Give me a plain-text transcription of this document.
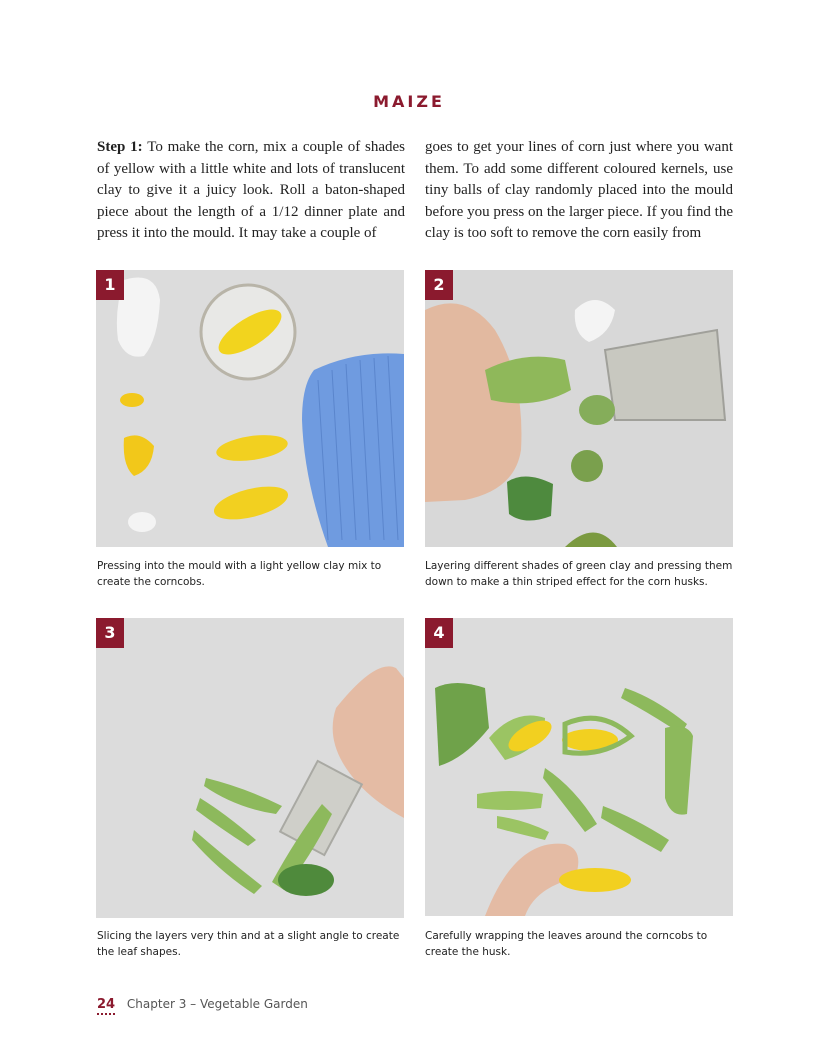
MAIZE
Step 1: To make the corn, mix a couple of shades of yellow with a little white and lots of translucent clay to give it a juicy look. Roll a baton-shaped piece about the length of a 1/12 dinner plate and press it into the mould. It may take a couple of
goes to get your lines of corn just where you want them. To add some different coloured kernels, use tiny balls of clay randomly placed into the mould before you press on the larger piece. If you find the clay is too soft to remove the corn easily from
1
Pressing into the mould with a light yellow clay mix to create the corncobs.
2
Layering different shades of green clay and pressing them down to make a thin striped effect for the corn husks.
3
Slicing the layers very thin and at a slight angle to create the leaf shapes.
4
Carefully wrapping the leaves around the corncobs to create the husk.
24 Chapter 3 – Vegetable Garden
